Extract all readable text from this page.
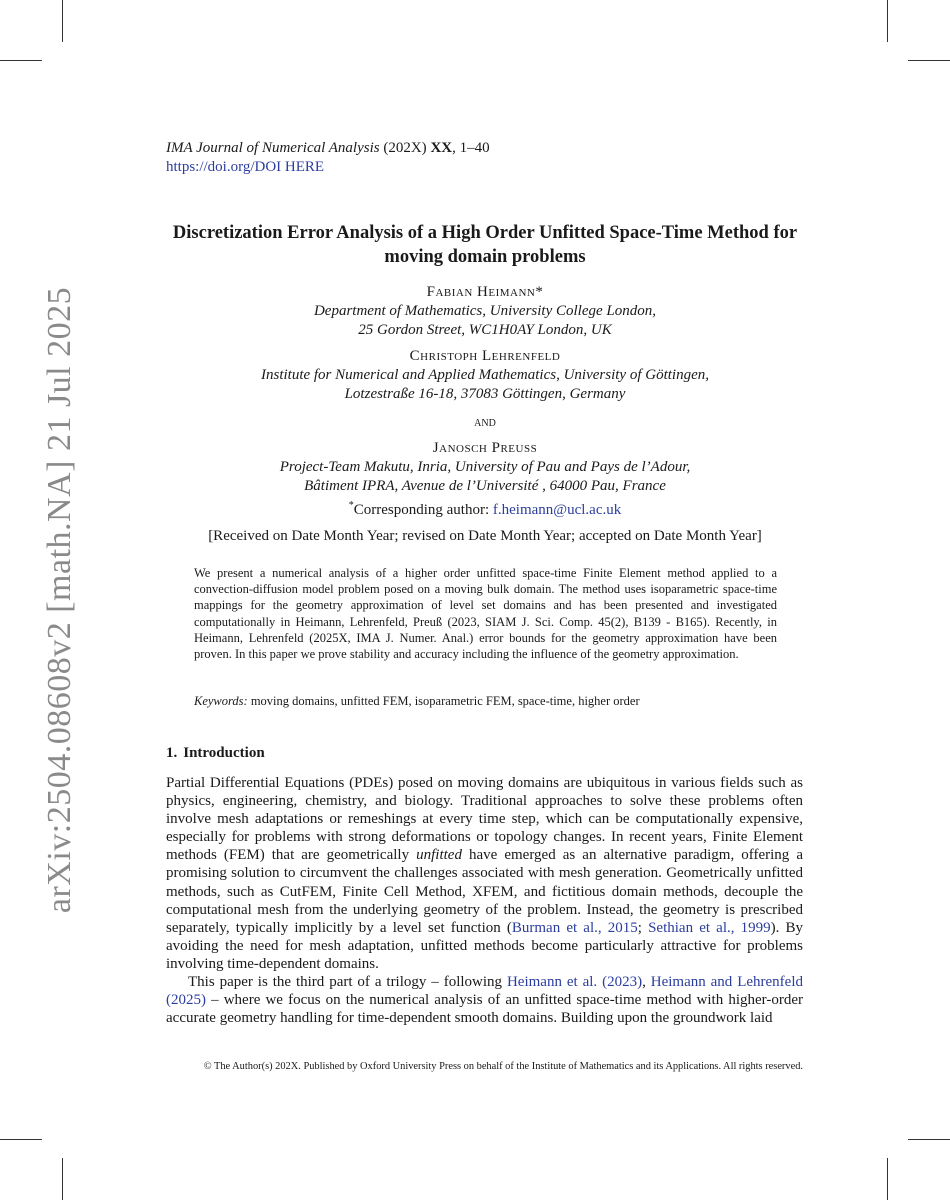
arXiv:2504.08608v2 [math.NA] 21 Jul 2025
IMA Journal of Numerical Analysis (202X) XX, 1–40
https://doi.org/DOI HERE
Discretization Error Analysis of a High Order Unfitted Space-Time Method for moving domain problems
Fabian Heimann*
Department of Mathematics, University College London,
25 Gordon Street, WC1H0AY London, UK
Christoph Lehrenfeld
Institute for Numerical and Applied Mathematics, University of Göttingen,
Lotzestraße 16-18, 37083 Göttingen, Germany
and
Janosch Preuss
Project-Team Makutu, Inria, University of Pau and Pays de l’Adour,
Bâtiment IPRA, Avenue de l’Université , 64000 Pau, France
*Corresponding author: f.heimann@ucl.ac.uk
[Received on Date Month Year; revised on Date Month Year; accepted on Date Month Year]
We present a numerical analysis of a higher order unfitted space-time Finite Element method applied to a convection-diffusion model problem posed on a moving bulk domain. The method uses isoparametric space-time mappings for the geometry approximation of level set domains and has been presented and investigated computationally in Heimann, Lehrenfeld, Preuß (2023, SIAM J. Sci. Comp. 45(2), B139 - B165). Recently, in Heimann, Lehrenfeld (2025X, IMA J. Numer. Anal.) error bounds for the geometry approximation have been proven. In this paper we prove stability and accuracy including the influence of the geometry approximation.
Keywords: moving domains, unfitted FEM, isoparametric FEM, space-time, higher order
1. Introduction

Partial Differential Equations (PDEs) posed on moving domains are ubiquitous in various fields such as physics, engineering, chemistry, and biology. Traditional approaches to solve these problems often involve mesh adaptations or remeshings at every time step, which can be computationally expensive, especially for problems with strong deformations or topology changes. In recent years, Finite Element methods (FEM) that are geometrically unfitted have emerged as an alternative paradigm, offering a promising solution to circumvent the challenges associated with mesh generation. Geometrically unfitted methods, such as CutFEM, Finite Cell Method, XFEM, and fictitious domain methods, decouple the computational mesh from the underlying geometry of the problem. Instead, the geometry is prescribed separately, typically implicitly by a level set function (Burman et al., 2015; Sethian et al., 1999). By avoiding the need for mesh adaptation, unfitted methods become particularly attractive for problems involving time-dependent domains.

This paper is the third part of a trilogy – following Heimann et al. (2023), Heimann and Lehrenfeld (2025) – where we focus on the numerical analysis of an unfitted space-time method with higher-order accurate geometry handling for time-dependent smooth domains. Building upon the groundwork laid

© The Author(s) 202X. Published by Oxford University Press on behalf of the Institute of Mathematics and its Applications. All rights reserved.
